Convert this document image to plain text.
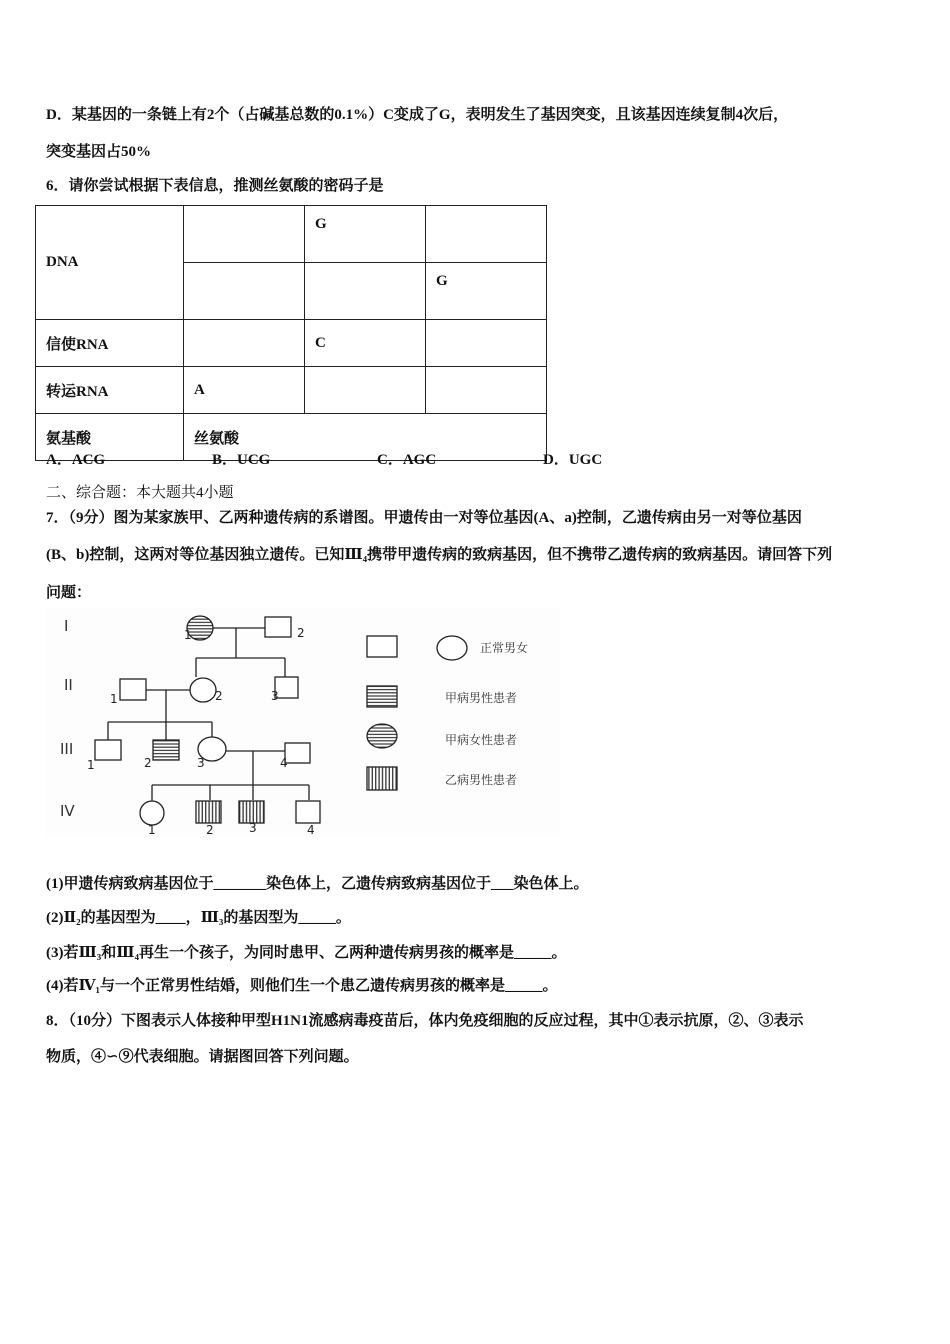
D．某基因的一条链上有2个（占碱基总数的0.1%）C变成了G，表明发生了基因突变，且该基因连续复制4次后，
突变基因占50%
6．请你尝试根据下表信息，推测丝氨酸的密码子是
DNA		G	
			G
信使RNA		C	
转运RNA	A		
氨基酸	丝氨酸		
A．ACG	B．UCG	C．AGC	D．UGC
二、综合题：本大题共4小题
7．（9分）图为某家族甲、乙两种遗传病的系谱图。甲遗传由一对等位基因(A、a)控制，乙遗传病由另一对等位基因
(B、b)控制，这两对等位基因独立遗传。已知Ⅲ₄携带甲遗传病的致病基因，但不携带乙遗传病的致病基因。请回答下列
问题：
I
II
III
IV
1	2
1	2	3
1	2	3	4
1	2	3	4
正常男女
甲病男性患者
甲病女性患者
乙病男性患者
(1)甲遗传病致病基因位于_______染色体上，乙遗传病致病基因位于___染色体上。
(2)Ⅱ₂的基因型为____，Ⅲ₃的基因型为_____。
(3)若Ⅲ₃和Ⅲ₄再生一个孩子，为同时患甲、乙两种遗传病男孩的概率是_____。
(4)若Ⅳ₁与一个正常男性结婚，则他们生一个患乙遗传病男孩的概率是_____。
8．（10分）下图表示人体接种甲型H1N1流感病毒疫苗后，体内免疫细胞的反应过程，其中①表示抗原，②、③表示
物质，④∽⑨代表细胞。请据图回答下列问题。
